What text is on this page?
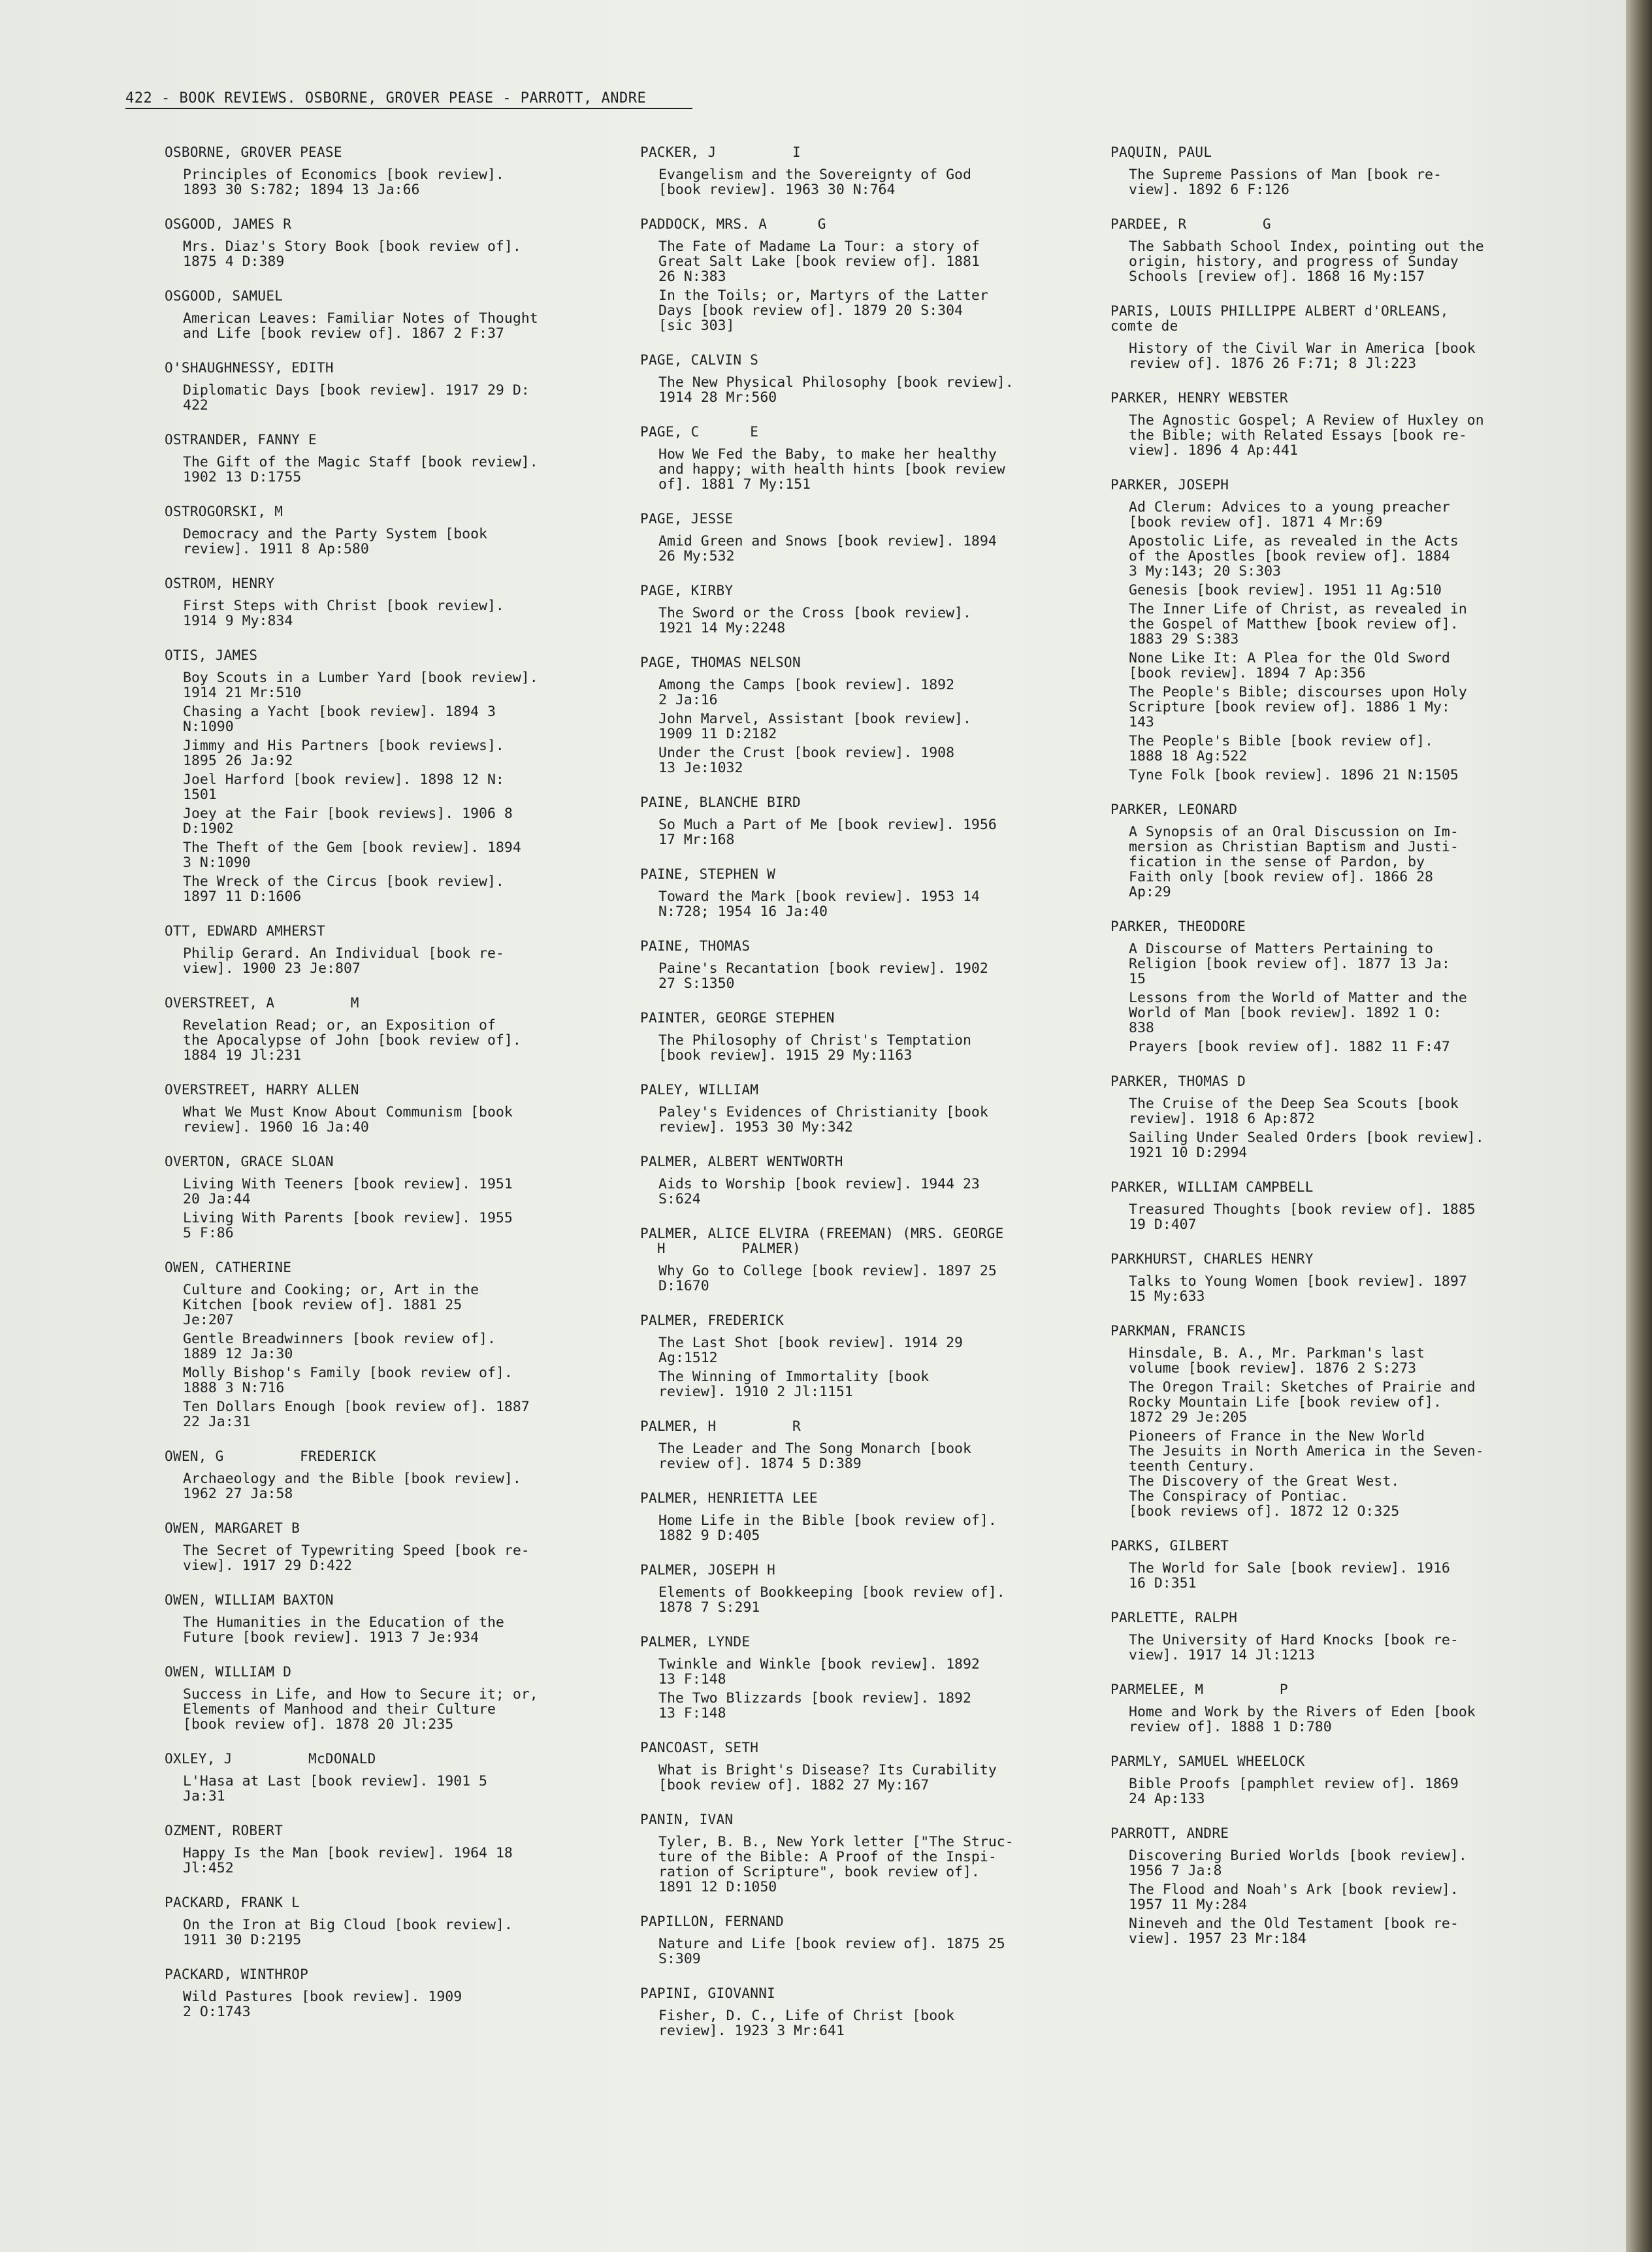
422 - BOOK REVIEWS. OSBORNE, GROVER PEASE - PARROTT, ANDRE
OSBORNE, GROVER PEASE
Principles of Economics [book review].
1893 30 S:782; 1894 13 Ja:66
OSGOOD, JAMES R
Mrs. Diaz's Story Book [book review of].
1875 4 D:389
OSGOOD, SAMUEL
American Leaves: Familiar Notes of Thought
and Life [book review of]. 1867 2 F:37
O'SHAUGHNESSY, EDITH
Diplomatic Days [book review]. 1917 29 D:
422
OSTRANDER, FANNY E
The Gift of the Magic Staff [book review].
1902 13 D:1755
OSTROGORSKI, M
Democracy and the Party System [book
review]. 1911 8 Ap:580
OSTROM, HENRY
First Steps with Christ [book review].
1914 9 My:834
OTIS, JAMES
Boy Scouts in a Lumber Yard [book review].
1914 21 Mr:510
Chasing a Yacht [book review]. 1894 3
N:1090
Jimmy and His Partners [book reviews].
1895 26 Ja:92
Joel Harford [book review]. 1898 12 N:
1501
Joey at the Fair [book reviews]. 1906 8
D:1902
The Theft of the Gem [book review]. 1894
3 N:1090
The Wreck of the Circus [book review].
1897 11 D:1606
OTT, EDWARD AMHERST
Philip Gerard. An Individual [book re-
view]. 1900 23 Je:807
OVERSTREET, A         M
Revelation Read; or, an Exposition of
the Apocalypse of John [book review of].
1884 19 Jl:231
OVERSTREET, HARRY ALLEN
What We Must Know About Communism [book
review]. 1960 16 Ja:40
OVERTON, GRACE SLOAN
Living With Teeners [book review]. 1951
20 Ja:44
Living With Parents [book review]. 1955
5 F:86
OWEN, CATHERINE
Culture and Cooking; or, Art in the
Kitchen [book review of]. 1881 25
Je:207
Gentle Breadwinners [book review of].
1889 12 Ja:30
Molly Bishop's Family [book review of].
1888 3 N:716
Ten Dollars Enough [book review of]. 1887
22 Ja:31
OWEN, G         FREDERICK
Archaeology and the Bible [book review].
1962 27 Ja:58
OWEN, MARGARET B
The Secret of Typewriting Speed [book re-
view]. 1917 29 D:422
OWEN, WILLIAM BAXTON
The Humanities in the Education of the
Future [book review]. 1913 7 Je:934
OWEN, WILLIAM D
Success in Life, and How to Secure it; or,
Elements of Manhood and their Culture
[book review of]. 1878 20 Jl:235
OXLEY, J         McDONALD
L'Hasa at Last [book review]. 1901 5
Ja:31
OZMENT, ROBERT
Happy Is the Man [book review]. 1964 18
Jl:452
PACKARD, FRANK L
On the Iron at Big Cloud [book review].
1911 30 D:2195
PACKARD, WINTHROP
Wild Pastures [book review]. 1909
2 O:1743
PACKER, J         I
Evangelism and the Sovereignty of God
[book review]. 1963 30 N:764
PADDOCK, MRS. A      G
The Fate of Madame La Tour: a story of
Great Salt Lake [book review of]. 1881
26 N:383
In the Toils; or, Martyrs of the Latter
Days [book review of]. 1879 20 S:304
[sic 303]
PAGE, CALVIN S
The New Physical Philosophy [book review].
1914 28 Mr:560
PAGE, C      E
How We Fed the Baby, to make her healthy
and happy; with health hints [book review
of]. 1881 7 My:151
PAGE, JESSE
Amid Green and Snows [book review]. 1894
26 My:532
PAGE, KIRBY
The Sword or the Cross [book review].
1921 14 My:2248
PAGE, THOMAS NELSON
Among the Camps [book review]. 1892
2 Ja:16
John Marvel, Assistant [book review].
1909 11 D:2182
Under the Crust [book review]. 1908
13 Je:1032
PAINE, BLANCHE BIRD
So Much a Part of Me [book review]. 1956
17 Mr:168
PAINE, STEPHEN W
Toward the Mark [book review]. 1953 14
N:728; 1954 16 Ja:40
PAINE, THOMAS
Paine's Recantation [book review]. 1902
27 S:1350
PAINTER, GEORGE STEPHEN
The Philosophy of Christ's Temptation
[book review]. 1915 29 My:1163
PALEY, WILLIAM
Paley's Evidences of Christianity [book
review]. 1953 30 My:342
PALMER, ALBERT WENTWORTH
Aids to Worship [book review]. 1944 23
S:624
PALMER, ALICE ELVIRA (FREEMAN) (MRS. GEORGE
H         PALMER)
Why Go to College [book review]. 1897 25
D:1670
PALMER, FREDERICK
The Last Shot [book review]. 1914 29
Ag:1512
The Winning of Immortality [book
review]. 1910 2 Jl:1151
PALMER, H         R
The Leader and The Song Monarch [book
review of]. 1874 5 D:389
PALMER, HENRIETTA LEE
Home Life in the Bible [book review of].
1882 9 D:405
PALMER, JOSEPH H
Elements of Bookkeeping [book review of].
1878 7 S:291
PALMER, LYNDE
Twinkle and Winkle [book review]. 1892
13 F:148
The Two Blizzards [book review]. 1892
13 F:148
PANCOAST, SETH
What is Bright's Disease? Its Curability
[book review of]. 1882 27 My:167
PANIN, IVAN
Tyler, B. B., New York letter ["The Struc-
ture of the Bible: A Proof of the Inspi-
ration of Scripture", book review of].
1891 12 D:1050
PAPILLON, FERNAND
Nature and Life [book review of]. 1875 25
S:309
PAPINI, GIOVANNI
Fisher, D. C., Life of Christ [book
review]. 1923 3 Mr:641
PAQUIN, PAUL
The Supreme Passions of Man [book re-
view]. 1892 6 F:126
PARDEE, R         G
The Sabbath School Index, pointing out the
origin, history, and progress of Sunday
Schools [review of]. 1868 16 My:157
PARIS, LOUIS PHILLIPPE ALBERT d'ORLEANS,
comte de
History of the Civil War in America [book
review of]. 1876 26 F:71; 8 Jl:223
PARKER, HENRY WEBSTER
The Agnostic Gospel; A Review of Huxley on
the Bible; with Related Essays [book re-
view]. 1896 4 Ap:441
PARKER, JOSEPH
Ad Clerum: Advices to a young preacher
[book review of]. 1871 4 Mr:69
Apostolic Life, as revealed in the Acts
of the Apostles [book review of]. 1884
3 My:143; 20 S:303
Genesis [book review]. 1951 11 Ag:510
The Inner Life of Christ, as revealed in
the Gospel of Matthew [book review of].
1883 29 S:383
None Like It: A Plea for the Old Sword
[book review]. 1894 7 Ap:356
The People's Bible; discourses upon Holy
Scripture [book review of]. 1886 1 My:
143
The People's Bible [book review of].
1888 18 Ag:522
Tyne Folk [book review]. 1896 21 N:1505
PARKER, LEONARD
A Synopsis of an Oral Discussion on Im-
mersion as Christian Baptism and Justi-
fication in the sense of Pardon, by
Faith only [book review of]. 1866 28
Ap:29
PARKER, THEODORE
A Discourse of Matters Pertaining to
Religion [book review of]. 1877 13 Ja:
15
Lessons from the World of Matter and the
World of Man [book review]. 1892 1 O:
838
Prayers [book review of]. 1882 11 F:47
PARKER, THOMAS D
The Cruise of the Deep Sea Scouts [book
review]. 1918 6 Ap:872
Sailing Under Sealed Orders [book review].
1921 10 D:2994
PARKER, WILLIAM CAMPBELL
Treasured Thoughts [book review of]. 1885
19 D:407
PARKHURST, CHARLES HENRY
Talks to Young Women [book review]. 1897
15 My:633
PARKMAN, FRANCIS
Hinsdale, B. A., Mr. Parkman's last
volume [book review]. 1876 2 S:273
The Oregon Trail: Sketches of Prairie and
Rocky Mountain Life [book review of].
1872 29 Je:205
Pioneers of France in the New World
The Jesuits in North America in the Seven-
teenth Century.
The Discovery of the Great West.
The Conspiracy of Pontiac.
[book reviews of]. 1872 12 O:325
PARKS, GILBERT
The World for Sale [book review]. 1916
16 D:351
PARLETTE, RALPH
The University of Hard Knocks [book re-
view]. 1917 14 Jl:1213
PARMELEE, M         P
Home and Work by the Rivers of Eden [book
review of]. 1888 1 D:780
PARMLY, SAMUEL WHEELOCK
Bible Proofs [pamphlet review of]. 1869
24 Ap:133
PARROTT, ANDRE
Discovering Buried Worlds [book review].
1956 7 Ja:8
The Flood and Noah's Ark [book review].
1957 11 My:284
Nineveh and the Old Testament [book re-
view]. 1957 23 Mr:184
